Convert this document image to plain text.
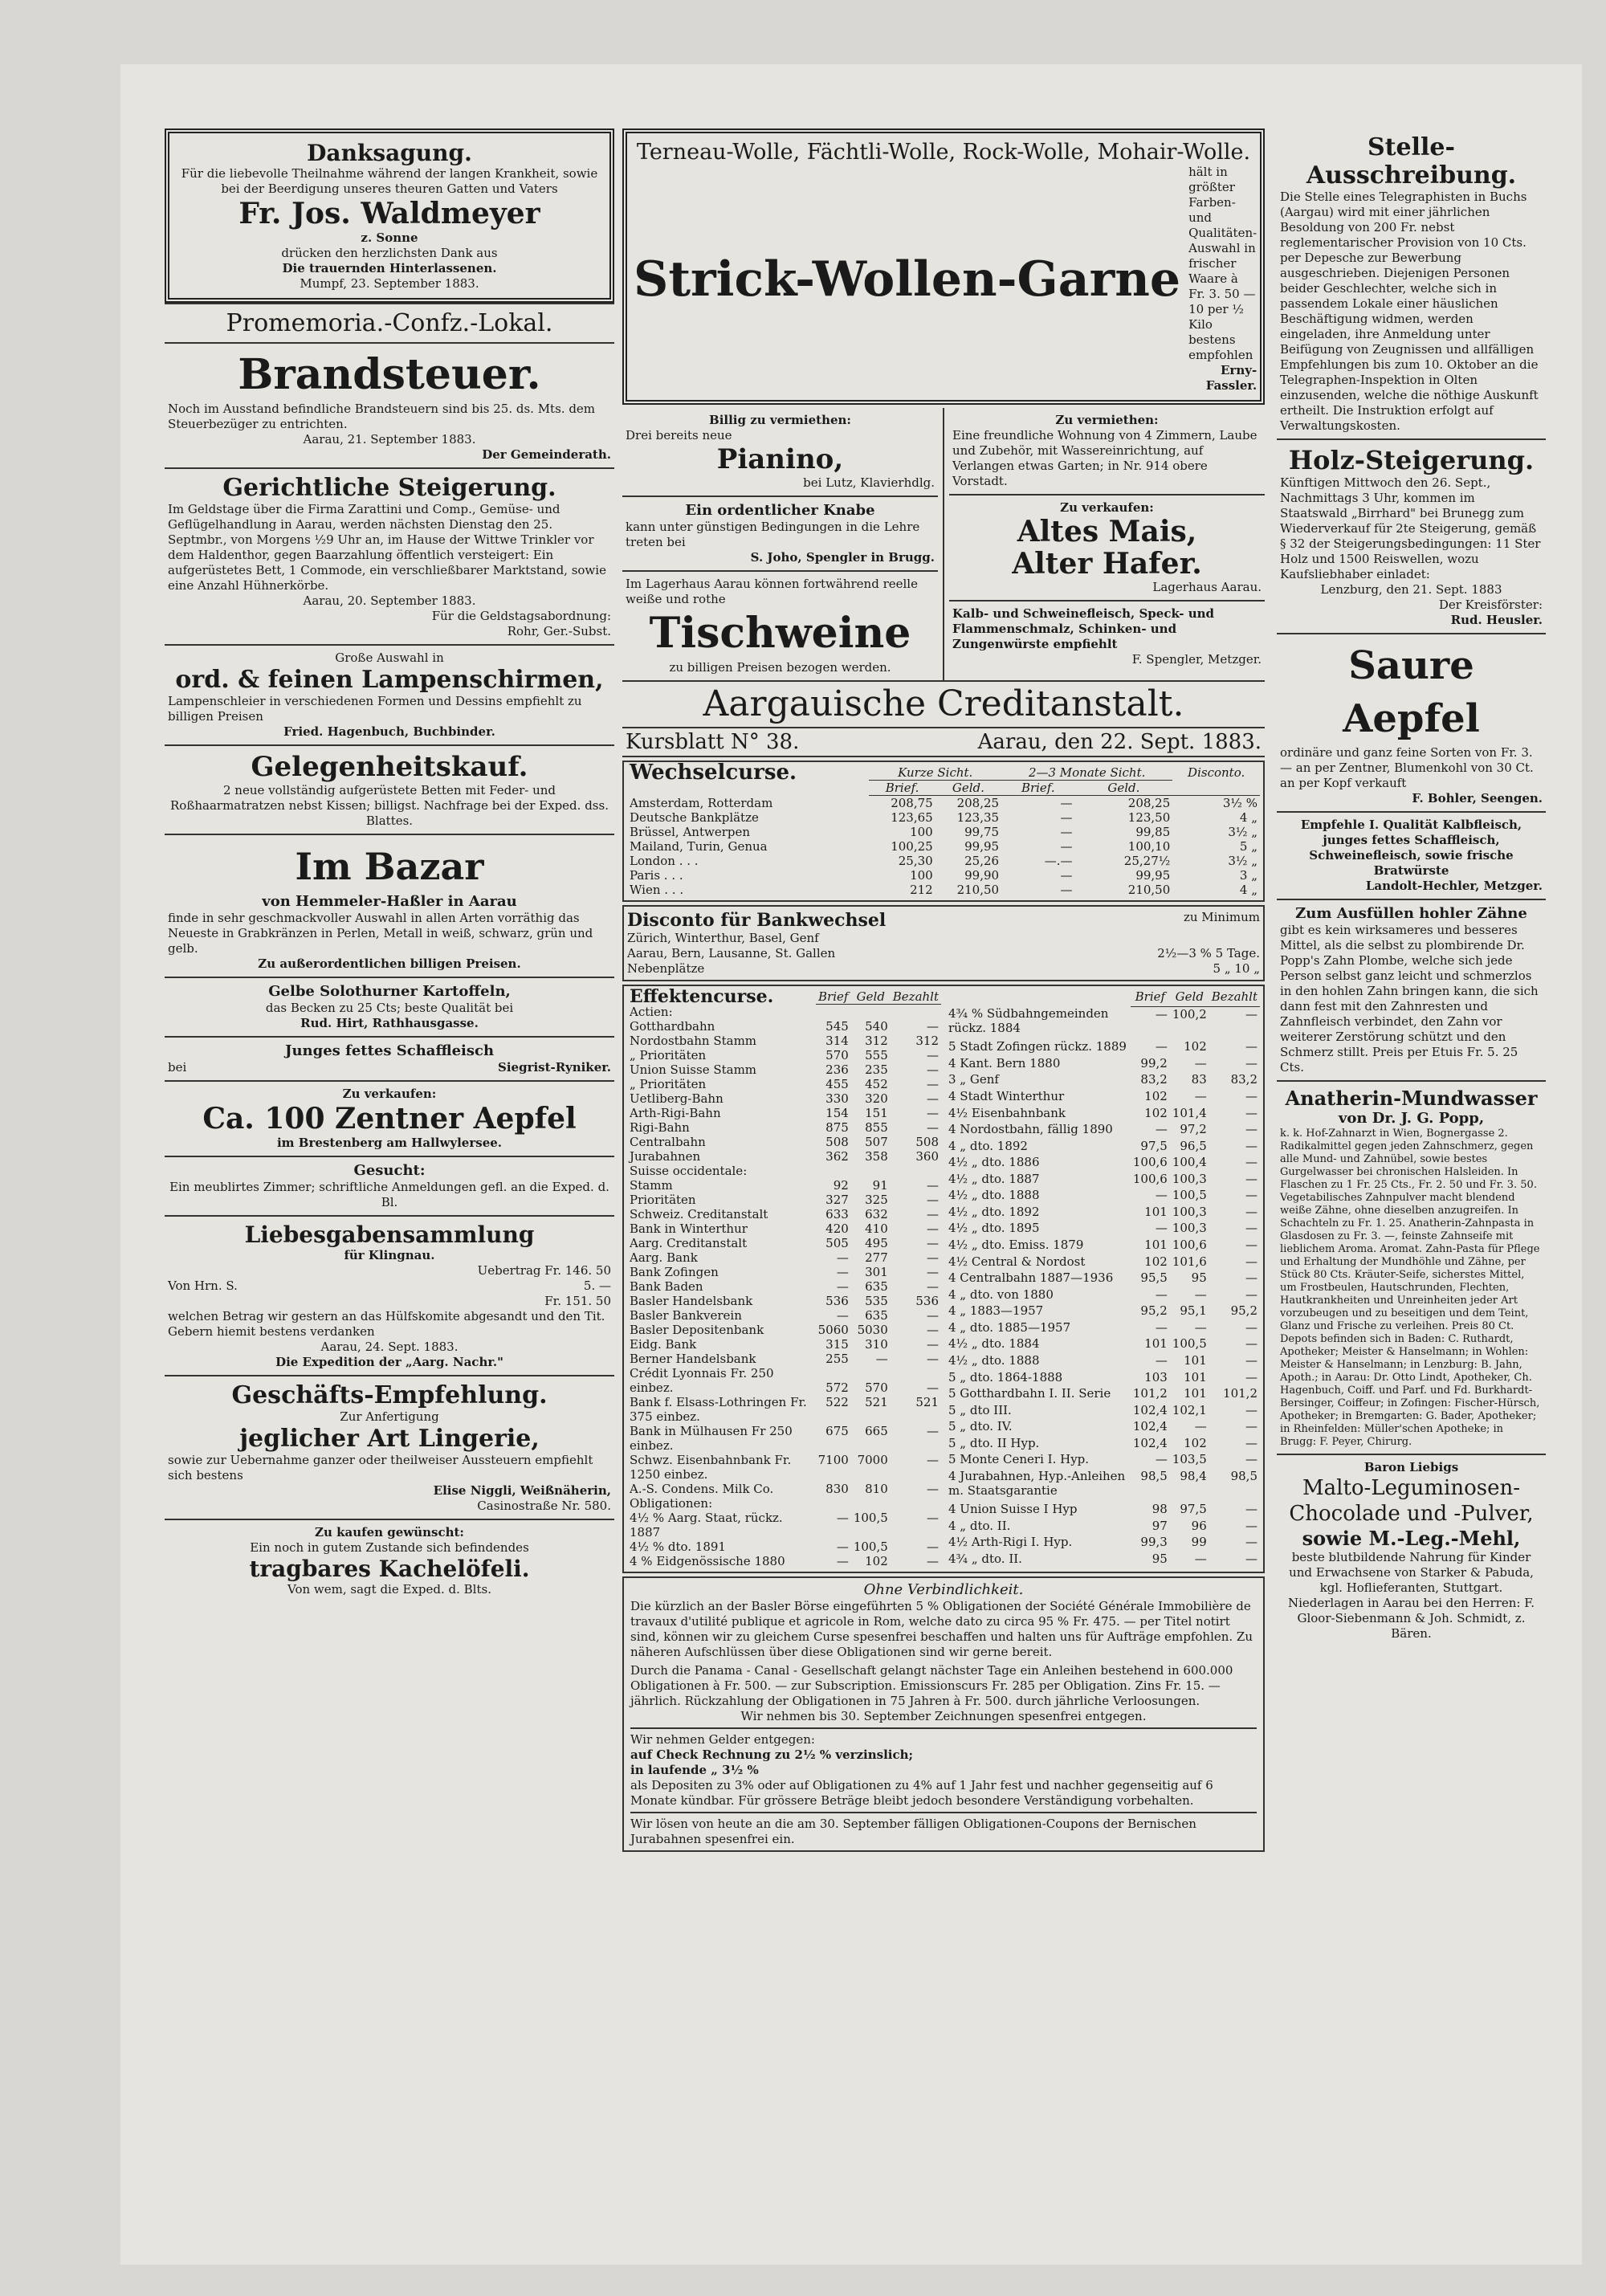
Danksagung.
Für die liebevolle Theilnahme während der langen Krankheit, sowie bei der Beerdigung unseres theuren Gatten und Vaters
Fr. Jos. Waldmeyer
z. Sonne
drücken den herzlichsten Dank aus
Die trauernden Hinterlassenen.
Mumpf, 23. September 1883.
Promemoria.-Confz.-Lokal.
Brandsteuer.
Noch im Ausstand befindliche Brandsteuern sind bis 25. ds. Mts. dem Steuerbezüger zu entrichten.
Aarau, 21. September 1883.
Der Gemeinderath.
Gerichtliche Steigerung.
Im Geldstage über die Firma Zarattini und Comp., Gemüse- und Geflügelhandlung in Aarau, werden nächsten Dienstag den 25. Septmbr., von Morgens ½9 Uhr an, im Hause der Wittwe Trinkler vor dem Haldenthor, gegen Baarzahlung öffentlich versteigert: Ein aufgerüstetes Bett, 1 Commode, ein verschließbarer Marktstand, sowie eine Anzahl Hühnerkörbe.
Aarau, 20. September 1883.
Für die Geldstagsabordnung:
Rohr, Ger.-Subst.
Große Auswahl in
ord. & feinen Lampenschirmen,
Lampenschleier in verschiedenen Formen und Dessins empfiehlt zu billigen Preisen
Fried. Hagenbuch, Buchbinder.
Gelegenheitskauf.
2 neue vollständig aufgerüstete Betten mit Feder- und Roßhaarmatratzen nebst Kissen; billigst. Nachfrage bei der Exped. dss. Blattes.
Im Bazar
von Hemmeler-Haßler in Aarau
finde in sehr geschmackvoller Auswahl in allen Arten vorräthig das Neueste in Grabkränzen in Perlen, Metall in weiß, schwarz, grün und gelb.
Zu außerordentlichen billigen Preisen.
Gelbe Solothurner Kartoffeln,
das Becken zu 25 Cts; beste Qualität bei
Rud. Hirt, Rathhausgasse.
Junges fettes Schaffleisch
bei	Siegrist-Ryniker.
Zu verkaufen:
Ca. 100 Zentner Aepfel
im Brestenberg am Hallwylersee.
Gesucht:
Ein meublirtes Zimmer; schriftliche Anmeldungen gefl. an die Exped. d. Bl.
Liebesgabensammlung
für Klingnau.
Uebertrag Fr. 146. 50
Von Hrn. S.	5. —
Fr. 151. 50
welchen Betrag wir gestern an das Hülfskomite abgesandt und den Tit. Gebern hiemit bestens verdanken
Aarau, 24. Sept. 1883.
Die Expedition der „Aarg. Nachr."
Geschäfts-Empfehlung.
Zur Anfertigung
jeglicher Art Lingerie,
sowie zur Uebernahme ganzer oder theilweiser Aussteuern empfiehlt sich bestens
Elise Niggli, Weißnäherin,
Casinostraße Nr. 580.
Zu kaufen gewünscht:
Ein noch in gutem Zustande sich befindendes
tragbares Kachelöfeli.
Von wem, sagt die Exped. d. Blts.
Terneau-Wolle, Fächtli-Wolle, Rock-Wolle, Mohair-Wolle.
Strick-Wollen-Garne
hält in größter Farben- und Qualitäten-Auswahl in frischer Waare à Fr. 3. 50 — 10 per ½ Kilo bestens empfohlen
Erny-Fassler.
Billig zu vermiethen:
Drei bereits neue
Pianino,
bei Lutz, Klavierhdlg.
Ein ordentlicher Knabe
kann unter günstigen Bedingungen in die Lehre treten bei
S. Joho, Spengler in Brugg.
Im Lagerhaus Aarau können fortwährend reelle weiße und rothe
Tischweine
zu billigen Preisen bezogen werden.
Zu vermiethen:
Eine freundliche Wohnung von 4 Zimmern, Laube und Zubehör, mit Wassereinrichtung, auf Verlangen etwas Garten; in Nr. 914 obere Vorstadt.
Zu verkaufen:
Altes Mais,
Alter Hafer.
Lagerhaus Aarau.
Kalb- und Schweinefleisch, Speck- und Flammenschmalz, Schinken- und Zungenwürste empfiehlt
F. Spengler, Metzger.
Aargauische Creditanstalt.
Kursblatt N° 38.	Aarau, den 22. Sept. 1883.
Wechselcurse.	Kurze Sicht.		2—3 Monate Sicht.		Disconto.
	Brief.	Geld.	Brief.	Geld.	
Amsterdam, Rotterdam	208,75	208,25	—	208,25	3½ %
Deutsche Bankplätze	123,65	123,35	—	123,50	4 „
Brüssel, Antwerpen	100	99,75	—	99,85	3½ „
Mailand, Turin, Genua	100,25	99,95	—	100,10	5 „
London . . .	25,30	25,26	—.—	25,27½	3½ „
Paris . . .	100	99,90	—	99,95	3 „
Wien . . .	212	210,50	—	210,50	4 „
Disconto für Bankwechsel	zu Minimum
Zürich, Winterthur, Basel, Genf
Aarau, Bern, Lausanne, St. Gallen	2½—3 % 5 Tage.
Nebenplätze	5 „ 10 „
Effektencurse.	Brief	Geld	Bezahlt
Actien:			
Gotthardbahn	545	540	—
Nordostbahn Stamm	314	312	312
„ Prioritäten	570	555	—
Union Suisse Stamm	236	235	—
„ Prioritäten	455	452	—
Uetliberg-Bahn	330	320	—
Arth-Rigi-Bahn	154	151	—
Rigi-Bahn	875	855	—
Centralbahn	508	507	508
Jurabahnen	362	358	360
Suisse occidentale:			
Stamm	92	91	—
Prioritäten	327	325	—

Schweiz. Creditanstalt	633	632	—
Bank in Winterthur	420	410	—
Aarg. Creditanstalt	505	495	—
Aarg. Bank	—	277	—
Bank Zofingen	—	301	—
Bank Baden	—	635	—
Basler Handelsbank	536	535	536
Basler Bankverein	—	635	—
Basler Depositenbank	5060	5030	—
Eidg. Bank	315	310	—
Berner Handelsbank	255	—	—
Crédit Lyonnais Fr. 250			
einbez.	572	570	—
Bank f. Elsass-Lothringen Fr. 375 einbez.	522	521	521
Bank in Mülhausen Fr 250 einbez.	675	665	—
Schwz. Eisenbahnbank Fr. 1250 einbez.	7100	7000	—
A.-S. Condens. Milk Co.	830	810	—
Obligationen:			
4½ % Aarg. Staat, rückz. 1887	—	100,5	—
4½ % dto. 1891	—	100,5	—
4 % Eidgenössische 1880	—	102	—
	Brief	Geld	Bezahlt
4¾ % Südbahngemeinden rückz. 1884	—	100,2	—
5 Stadt Zofingen rückz. 1889	—	102	—
4 Kant. Bern 1880	99,2	—	—
3 „ Genf	83,2	83	83,2
4 Stadt Winterthur	102	—	—
4½ Eisenbahnbank	102	101,4	—
4 Nordostbahn, fällig 1890	—	97,2	—
4 „ dto. 1892	97,5	96,5	—
4½ „ dto. 1886	100,6	100,4	—
4½ „ dto. 1887	100,6	100,3	—
4½ „ dto. 1888	—	100,5	—
4½ „ dto. 1892	101	100,3	—
4½ „ dto. 1895	—	100,3	—
4½ „ dto. Emiss. 1879	101	100,6	—
4½ Central & Nordost	102	101,6	—
4 Centralbahn 1887—1936	95,5	95	—
4 „ dto. von 1880	—	—	—
4 „ 1883—1957	95,2	95,1	95,2
4 „ dto. 1885—1957	—	—	—
4½ „ dto. 1884	101	100,5	—
4½ „ dto. 1888	—	101	—
5 „ dto. 1864-1888	103	101	—
5 Gotthardbahn I. II. Serie	101,2	101	101,2
5 „ dto III.	102,4	102,1	—
5 „ dto. IV.	102,4	—	—
5 „ dto. II Hyp.	102,4	102	—
5 Monte Ceneri I. Hyp.	—	103,5	—
4 Jurabahnen, Hyp.-Anleihen m. Staatsgarantie	98,5	98,4	98,5
4 Union Suisse I Hyp	98	97,5	—
4 „ dto. II.	97	96	—
4½ Arth-Rigi I. Hyp.	99,3	99	—
4¾ „ dto. II.	95	—	—
Ohne Verbindlichkeit.
Die kürzlich an der Basler Börse eingeführten 5 % Obligationen der Société Générale Immobilière de travaux d'utilité publique et agricole in Rom, welche dato zu circa 95 % Fr. 475. — per Titel notirt sind, können wir zu gleichem Curse spesenfrei beschaffen und halten uns für Aufträge empfohlen. Zu näheren Aufschlüssen über diese Obligationen sind wir gerne bereit.
Durch die Panama - Canal - Gesellschaft gelangt nächster Tage ein Anleihen bestehend in 600.000 Obligationen à Fr. 500. — zur Subscription. Emissionscurs Fr. 285 per Obligation. Zins Fr. 15. — jährlich. Rückzahlung der Obligationen in 75 Jahren à Fr. 500. durch jährliche Verloosungen.
Wir nehmen bis 30. September Zeichnungen spesenfrei entgegen.
Wir nehmen Gelder entgegen:
auf Check Rechnung zu 2½ % verzinslich;
in laufende „ 3½ %
als Depositen zu 3% oder auf Obligationen zu 4% auf 1 Jahr fest und nachher gegenseitig auf 6 Monate kündbar. Für grössere Beträge bleibt jedoch besondere Verständigung vorbehalten.
Wir lösen von heute an die am 30. September fälligen Obligationen-Coupons der Bernischen Jurabahnen spesenfrei ein.
Stelle-Ausschreibung.
Die Stelle eines Telegraphisten in Buchs (Aargau) wird mit einer jährlichen Besoldung von 200 Fr. nebst reglementarischer Provision von 10 Cts. per Depesche zur Bewerbung ausgeschrieben. Diejenigen Personen beider Geschlechter, welche sich in passendem Lokale einer häuslichen Beschäftigung widmen, werden eingeladen, ihre Anmeldung unter Beifügung von Zeugnissen und allfälligen Empfehlungen bis zum 10. Oktober an die Telegraphen-Inspektion in Olten einzusenden, welche die nöthige Auskunft ertheilt. Die Instruktion erfolgt auf Verwaltungskosten.
Holz-Steigerung.
Künftigen Mittwoch den 26. Sept., Nachmittags 3 Uhr, kommen im Staatswald „Birrhard" bei Brunegg zum Wiederverkauf für 2te Steigerung, gemäß § 32 der Steigerungsbedingungen: 11 Ster Holz und 1500 Reiswellen, wozu Kaufsliebhaber einladet:
Lenzburg, den 21. Sept. 1883
Der Kreisförster:
Rud. Heusler.
Saure Aepfel
ordinäre und ganz feine Sorten von Fr. 3. — an per Zentner, Blumenkohl von 30 Ct. an per Kopf verkauft
F. Bohler, Seengen.
Empfehle I. Qualität Kalbfleisch, junges fettes Schaffleisch, Schweinefleisch, sowie frische Bratwürste
Landolt-Hechler, Metzger.
Zum Ausfüllen hohler Zähne
gibt es kein wirksameres und besseres Mittel, als die selbst zu plombirende Dr. Popp's Zahn Plombe, welche sich jede Person selbst ganz leicht und schmerzlos in den hohlen Zahn bringen kann, die sich dann fest mit den Zahnresten und Zahnfleisch verbindet, den Zahn vor weiterer Zerstörung schützt und den Schmerz stillt. Preis per Etuis Fr. 5. 25 Cts.
Anatherin-Mundwasser
von Dr. J. G. Popp,
k. k. Hof-Zahnarzt in Wien, Bognergasse 2. Radikalmittel gegen jeden Zahnschmerz, gegen alle Mund- und Zahnübel, sowie bestes Gurgelwasser bei chronischen Halsleiden. In Flaschen zu 1 Fr. 25 Cts., Fr. 2. 50 und Fr. 3. 50. Vegetabilisches Zahnpulver macht blendend weiße Zähne, ohne dieselben anzugreifen. In Schachteln zu Fr. 1. 25. Anatherin-Zahnpasta in Glasdosen zu Fr. 3. —, feinste Zahnseife mit lieblichem Aroma. Aromat. Zahn-Pasta für Pflege und Erhaltung der Mundhöhle und Zähne, per Stück 80 Cts. Kräuter-Seife, sicherstes Mittel, um Frostbeulen, Hautschrunden, Flechten, Hautkrankheiten und Unreinheiten jeder Art vorzubeugen und zu beseitigen und dem Teint, Glanz und Frische zu verleihen. Preis 80 Ct.
Depots befinden sich in Baden: C. Ruthardt, Apotheker; Meister & Hanselmann; in Wohlen: Meister & Hanselmann; in Lenzburg: B. Jahn, Apoth.; in Aarau: Dr. Otto Lindt, Apotheker, Ch. Hagenbuch, Coiff. und Parf. und Fd. Burkhardt-Bersinger, Coiffeur; in Zofingen: Fischer-Hürsch, Apotheker; in Bremgarten: G. Bader, Apotheker; in Rheinfelden: Müller'schen Apotheke; in Brugg: F. Peyer, Chirurg.
Baron Liebigs
Malto-Leguminosen-Chocolade und -Pulver,
sowie M.-Leg.-Mehl,
beste blutbildende Nahrung für Kinder und Erwachsene von Starker & Pabuda, kgl. Hoflieferanten, Stuttgart.
Niederlagen in Aarau bei den Herren: F. Gloor-Siebenmann & Joh. Schmidt, z. Bären.
